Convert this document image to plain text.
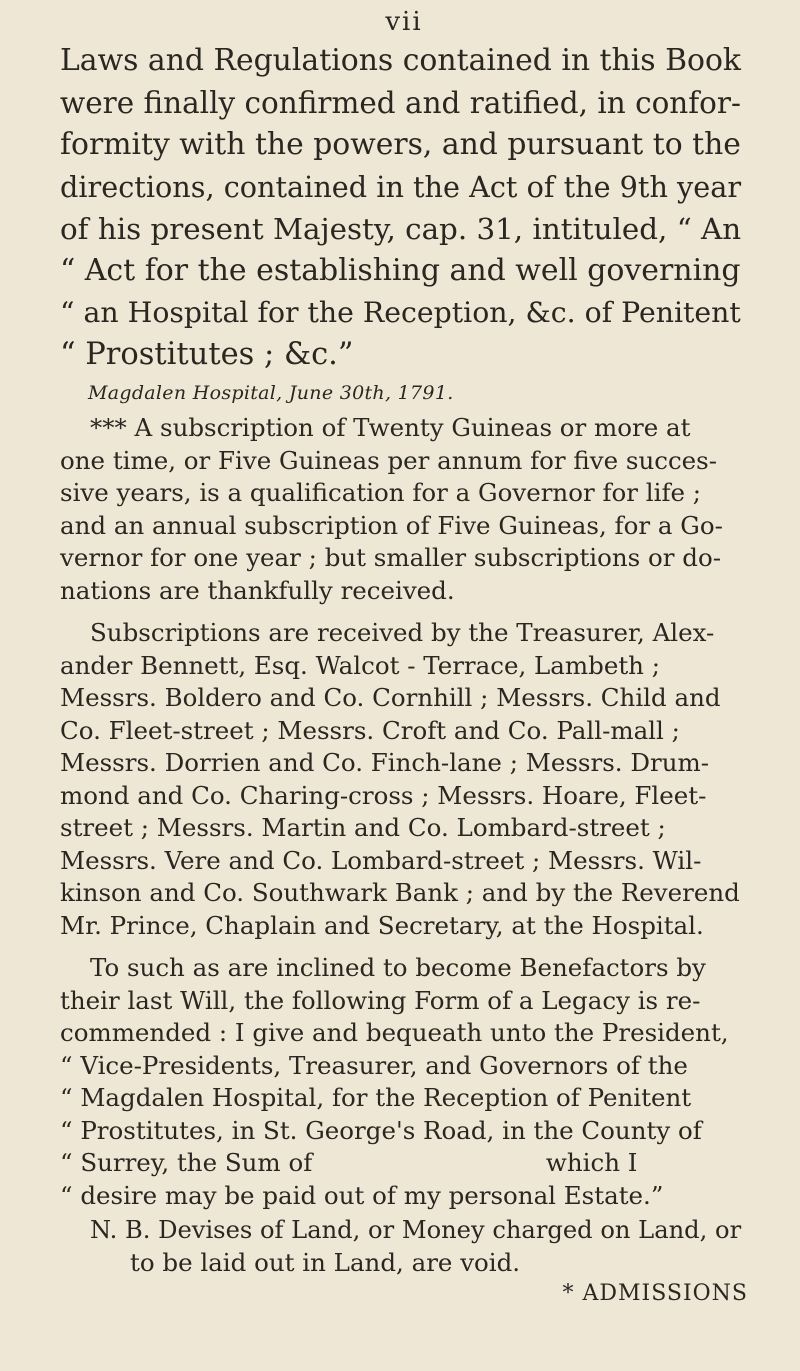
vii

Laws and Regulations contained in this Book
were finally confirmed and ratified, in confor-
formity with the powers, and pursuant to the
directions, contained in the Act of the 9th year
of his present Majesty, cap. 31, intituled, “ An
“ Act for the establishing and well governing
“ an Hospital for the Reception, &c. of Penitent
“ Prostitutes ; &c.”

Magdalen Hospital, June 30th, 1791.

*** A subscription of Twenty Guineas or more at
one time, or Five Guineas per annum for five succes-
sive years, is a qualification for a Governor for life ;
and an annual subscription of Five Guineas, for a Go-
vernor for one year ; but smaller subscriptions or do-
nations are thankfully received.

Subscriptions are received by the Treasurer, Alex-
ander Bennett, Esq. Walcot - Terrace, Lambeth ;
Messrs. Boldero and Co. Cornhill ; Messrs. Child and
Co. Fleet-street ; Messrs. Croft and Co. Pall-mall ;
Messrs. Dorrien and Co. Finch-lane ; Messrs. Drum-
mond and Co. Charing-cross ; Messrs. Hoare, Fleet-
street ; Messrs. Martin and Co. Lombard-street ;
Messrs. Vere and Co. Lombard-street ; Messrs. Wil-
kinson and Co. Southwark Bank ; and by the Reverend
Mr. Prince, Chaplain and Secretary, at the Hospital.

To such as are inclined to become Benefactors by
their last Will, the following Form of a Legacy is re-
commended : I give and bequeath unto the President,
“ Vice-Presidents, Treasurer, and Governors of the
“ Magdalen Hospital, for the Reception of Penitent
“ Prostitutes, in St. George's Road, in the County of
“ Surrey, the Sum of                              which I
“ desire may be paid out of my personal Estate.”

N. B. Devises of Land, or Money charged on Land, or
to be laid out in Land, are void.

* ADMISSIONS
